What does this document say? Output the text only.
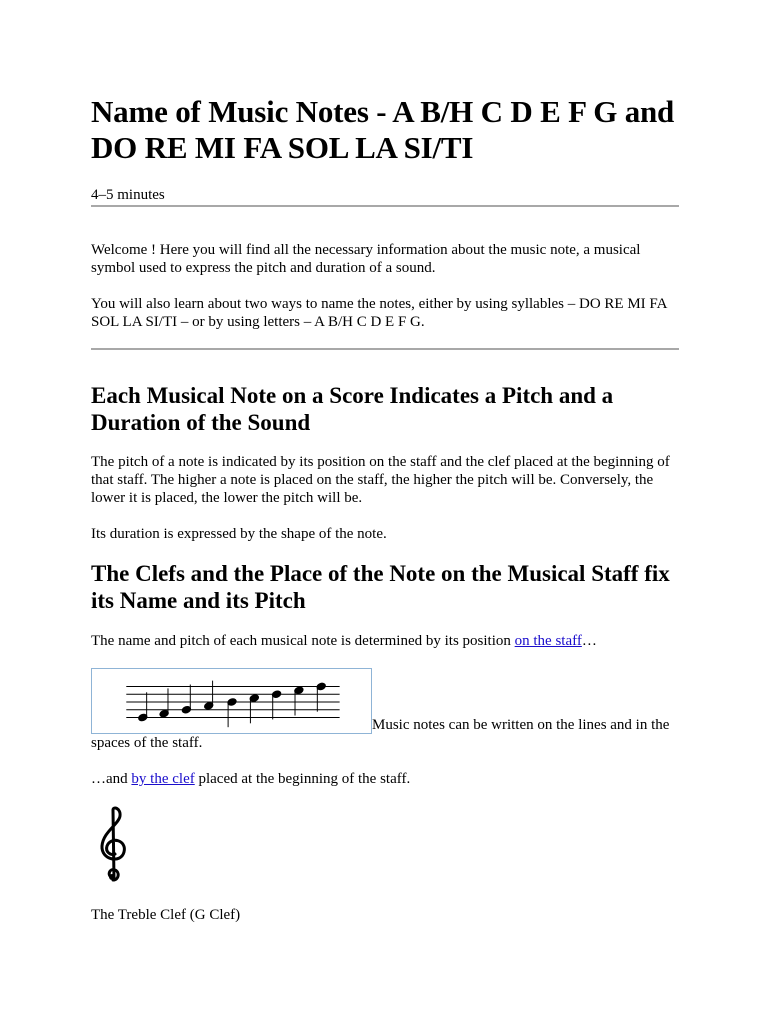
Name of Music Notes - A B/H C D E F G and DO RE MI FA SOL LA SI/TI
4–5 minutes

Welcome ! Here you will find all the necessary information about the music note, a musical symbol used to express the pitch and duration of a sound.

You will also learn about two ways to name the notes, either by using syllables – DO RE MI FA SOL LA SI/TI – or by using letters – A B/H C D E F G.

Each Musical Note on a Score Indicates a Pitch and a Duration of the Sound

The pitch of a note is indicated by its position on the staff and the clef placed at the beginning of that staff. The higher a note is placed on the staff, the higher the pitch will be. Conversely, the lower it is placed, the lower the pitch will be.

Its duration is expressed by the shape of the note.

The Clefs and the Place of the Note on the Musical Staff fix its Name and its Pitch

The name and pitch of each musical note is determined by its position on the staff…

Music notes can be written on the lines and in the spaces of the staff.

…and by the clef placed at the beginning of the staff.

The Treble Clef (G Clef)
